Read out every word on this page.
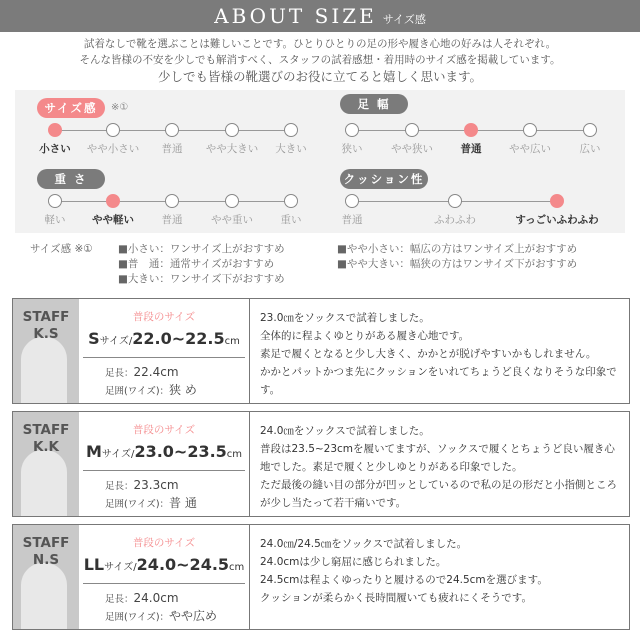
ABOUT SIZE サイズ感
試着なしで靴を選ぶことは難しいことです。ひとりひとりの足の形や履き心地の好みは人それぞれ。
そんな皆様の不安を少しでも解消すべく、スタッフの試着感想・着用時のサイズ感を掲載しています。
少しでも皆様の靴選びのお役に立てると嬉しく思います。
サイズ感	※①
小さい やや小さい 普通 やや大きい 大きい
足 幅
狭い	やや狭い	普通	やや広い	広い
重 さ
軽い	やや軽い	普通	やや重い	重い
クッション性
普通	ふわふわ	すっごいふわふわ
サイズ感 ※① ■小さい：ワンサイズ上がおすすめ
■普　通：通常サイズがおすすめ
■大きい：ワンサイズ下がおすすめ
■やや小さい：幅広の方はワンサイズ上がおすすめ
■やや大きい：幅狭の方はワンサイズ下がおすすめ
STAFF
K.S
普段のサイズ
Sサイズ/22.0~22.5cm
足長：22.4cm
足囲(ワイズ)：狭 め
23.0㎝をソックスで試着しました。
全体的に程よくゆとりがある履き心地です。
素足で履くとなると少し大きく、かかとが脱げやすいかもしれません。
かかとパットかつま先にクッションをいれてちょうど良くなりそうな印象です。
STAFF
K.K
普段のサイズ
Mサイズ/23.0~23.5cm
足長：23.3cm
足囲(ワイズ)：普 通
24.0㎝をソックスで試着しました。
普段は23.5~23cmを履いてますが、ソックスで履くとちょうど良い履き心地でした。素足で履くと少しゆとりがある印象でした。
ただ最後の縫い目の部分が凹ッとしているので私の足の形だと小指側ところが少し当たって若干痛いです。
STAFF
N.S
普段のサイズ
LLサイズ/24.0~24.5cm
足長：24.0cm
足囲(ワイズ)：やや広め
24.0㎝/24.5㎝をソックスで試着しました。
24.0cmは少し窮屈に感じられました。
24.5cmは程よくゆったりと履けるので24.5cmを選びます。
クッションが柔らかく長時間履いても疲れにくそうです。
